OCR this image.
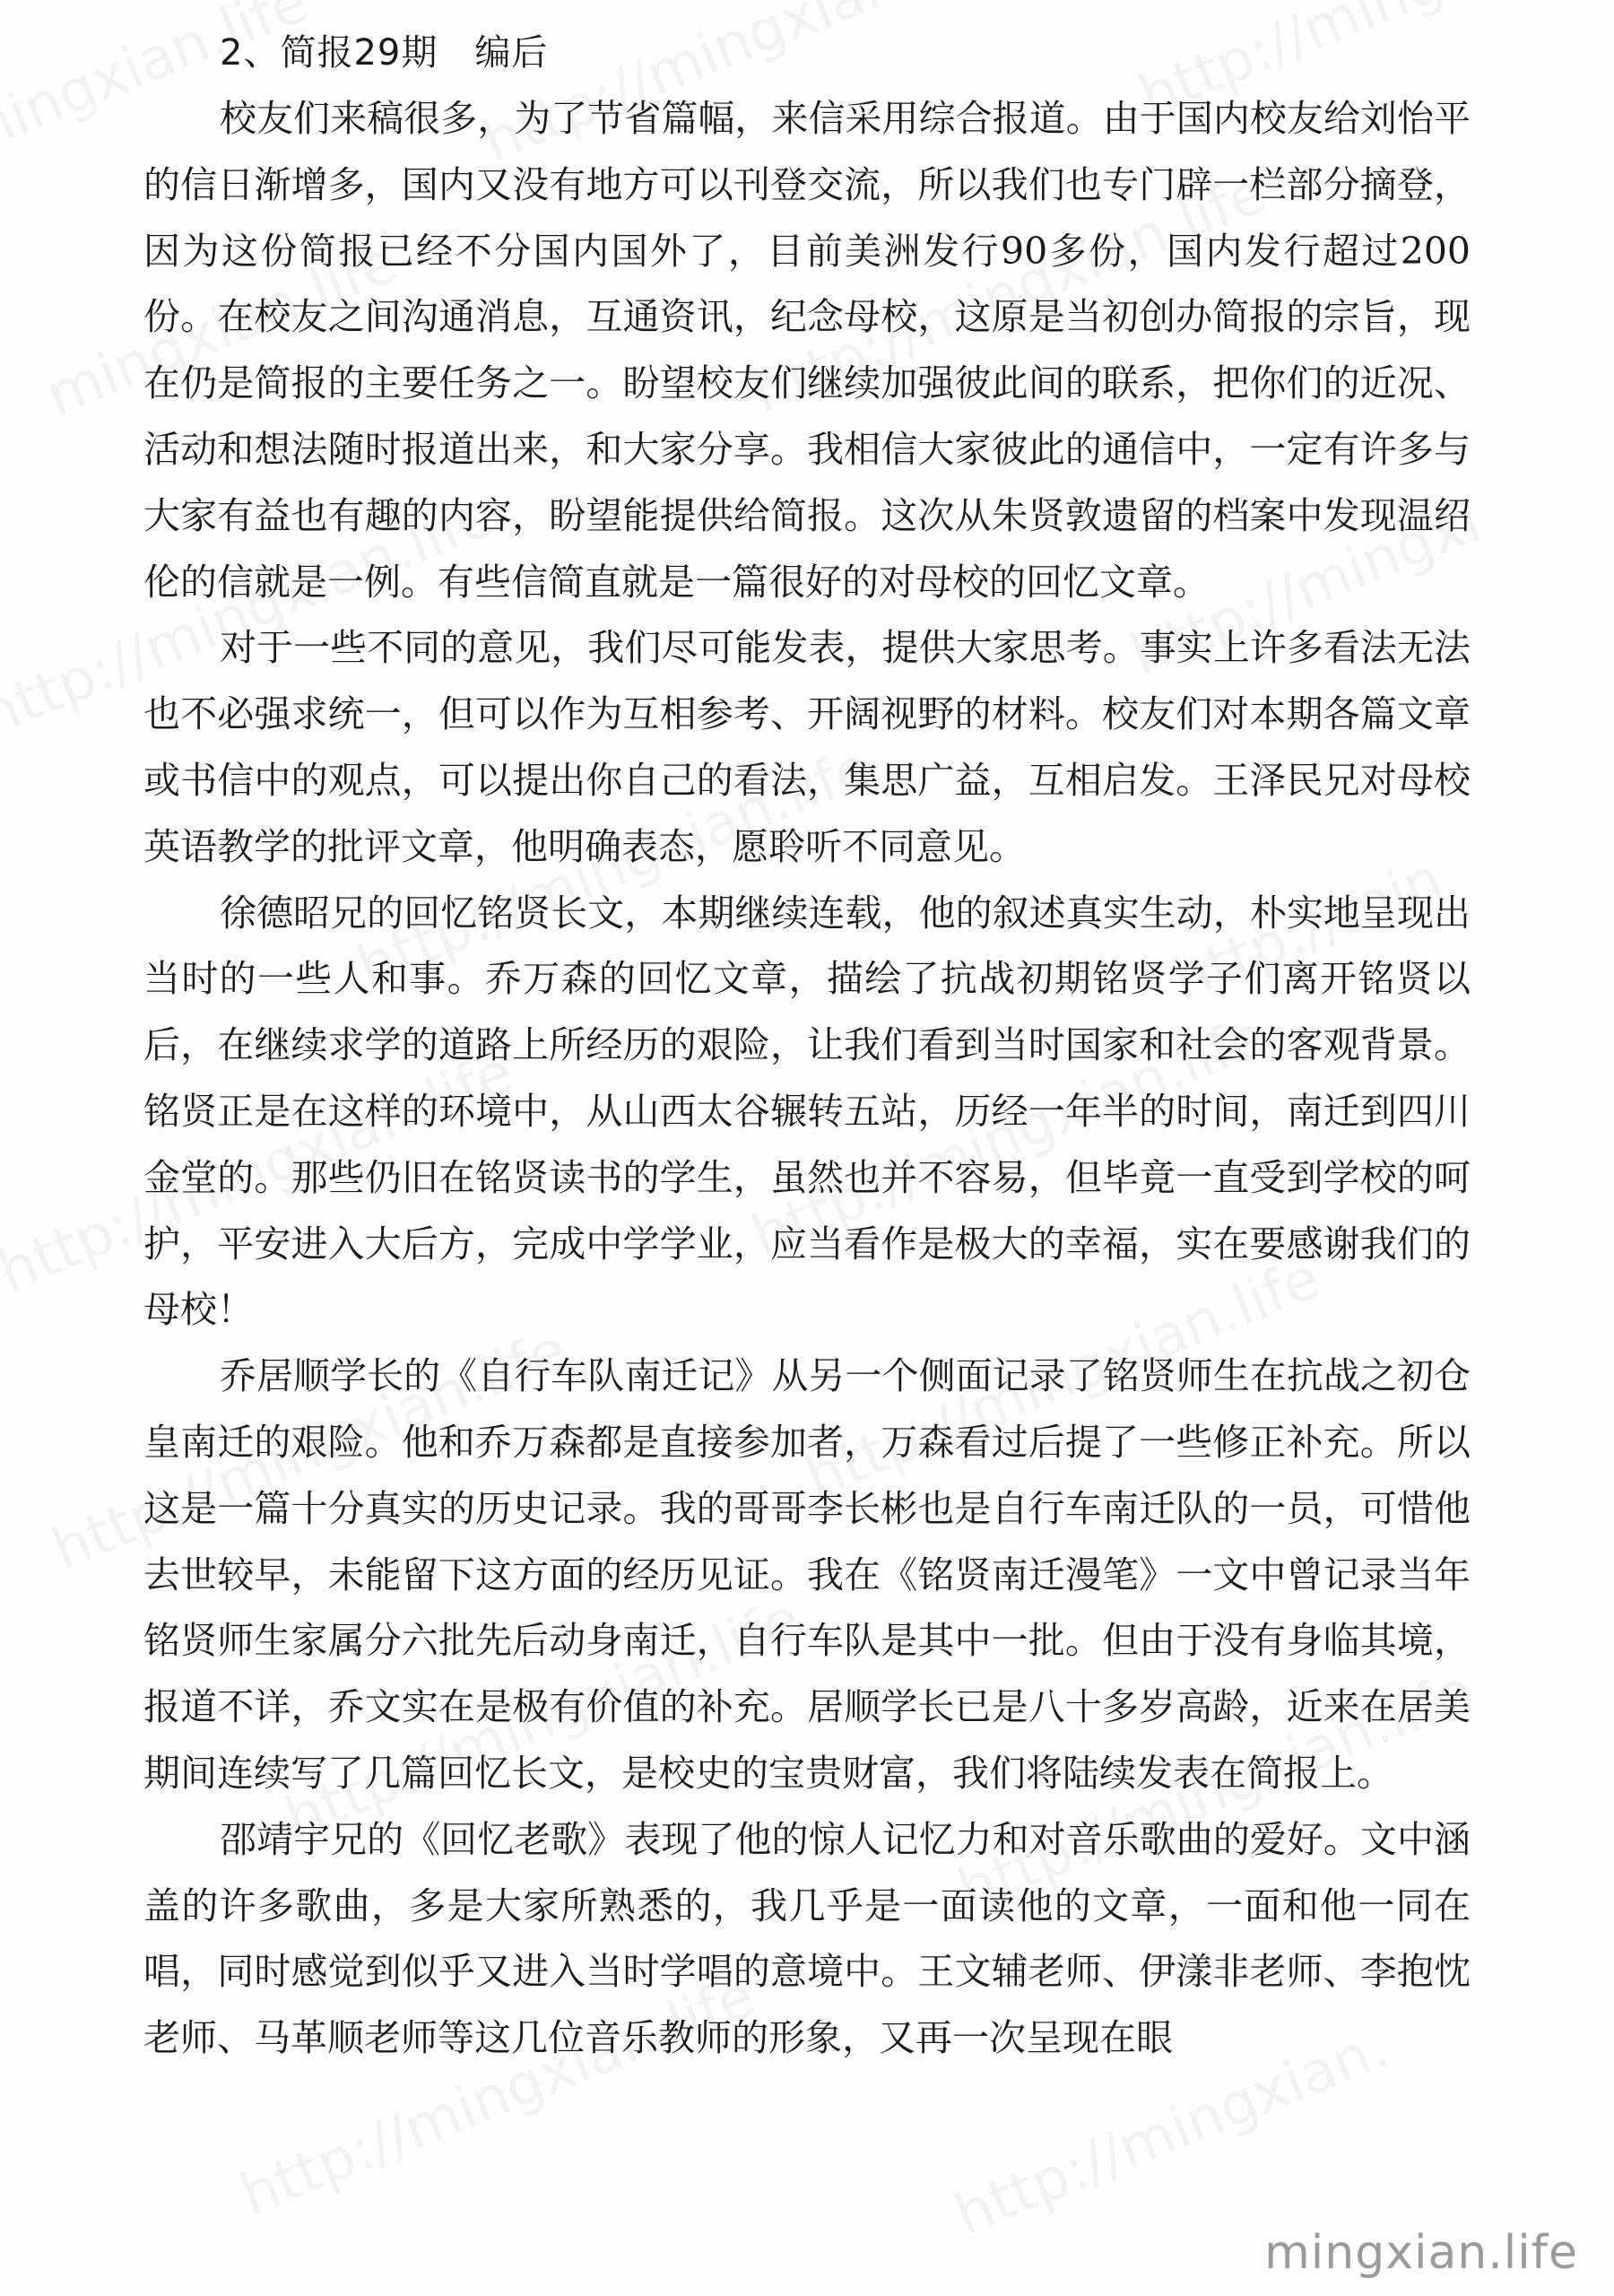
2、简报29期　编后

校友们来稿很多，为了节省篇幅，来信采用综合报道。由于国内校友给刘怡平的信日渐增多，国内又没有地方可以刊登交流，所以我们也专门辟一栏部分摘登，因为这份简报已经不分国内国外了，目前美洲发行90多份，国内发行超过200份。在校友之间沟通消息，互通资讯，纪念母校，这原是当初创办简报的宗旨，现在仍是简报的主要任务之一。盼望校友们继续加强彼此间的联系，把你们的近况、活动和想法随时报道出来，和大家分享。我相信大家彼此的通信中，一定有许多与大家有益也有趣的内容，盼望能提供给简报。这次从朱贤敦遗留的档案中发现温绍伦的信就是一例。有些信简直就是一篇很好的对母校的回忆文章。

对于一些不同的意见，我们尽可能发表，提供大家思考。事实上许多看法无法也不必强求统一，但可以作为互相参考、开阔视野的材料。校友们对本期各篇文章或书信中的观点，可以提出你自己的看法，集思广益，互相启发。王泽民兄对母校英语教学的批评文章，他明确表态，愿聆听不同意见。

徐德昭兄的回忆铭贤长文，本期继续连载，他的叙述真实生动，朴实地呈现出当时的一些人和事。乔万森的回忆文章，描绘了抗战初期铭贤学子们离开铭贤以后，在继续求学的道路上所经历的艰险，让我们看到当时国家和社会的客观背景。铭贤正是在这样的环境中，从山西太谷辗转五站，历经一年半的时间，南迁到四川金堂的。那些仍旧在铭贤读书的学生，虽然也并不容易，但毕竟一直受到学校的呵护，平安进入大后方，完成中学学业，应当看作是极大的幸福，实在要感谢我们的母校！

乔居顺学长的《自行车队南迁记》从另一个侧面记录了铭贤师生在抗战之初仓皇南迁的艰险。他和乔万森都是直接参加者，万森看过后提了一些修正补充。所以这是一篇十分真实的历史记录。我的哥哥李长彬也是自行车南迁队的一员，可惜他去世较早，未能留下这方面的经历见证。我在《铭贤南迁漫笔》一文中曾记录当年铭贤师生家属分六批先后动身南迁，自行车队是其中一批。但由于没有身临其境，报道不详，乔文实在是极有价值的补充。居顺学长已是八十多岁高龄，近来在居美期间连续写了几篇回忆长文，是校史的宝贵财富，我们将陆续发表在简报上。

邵靖宇兄的《回忆老歌》表现了他的惊人记忆力和对音乐歌曲的爱好。文中涵盖的许多歌曲，多是大家所熟悉的，我几乎是一面读他的文章，一面和他一同在唱，同时感觉到似乎又进入当时学唱的意境中。王文辅老师、伊漾非老师、李抱忱老师、马革顺老师等这几位音乐教师的形象，又再一次呈现在眼

mingxian.life
